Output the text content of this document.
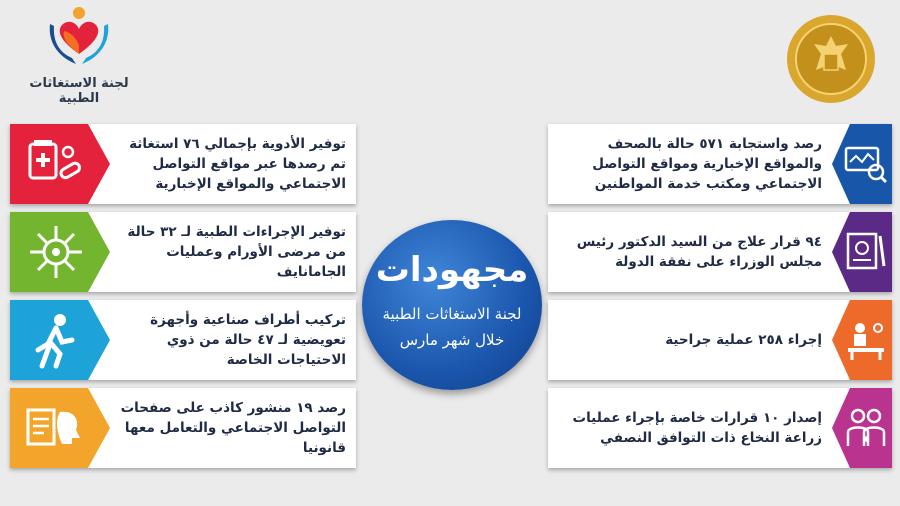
لجنة الاستغاثات الطبية
توفير الأدوية بإجمالي ٧٦ استغاثة تم رصدها عبر مواقع التواصل الاجتماعي والمواقع الإخبارية
توفير الإجراءات الطبية لـ ٣٢ حالة من مرضى الأورام وعمليات الجامانايف
تركيب أطراف صناعية وأجهزة تعويضية لـ ٤٧ حالة من ذوي الاحتياجات الخاصة
رصد ١٩ منشور كاذب على صفحات التواصل الاجتماعي والتعامل معها قانونيا
رصد واستجابة ٥٧١ حالة بالصحف والمواقع الإخبارية ومواقع التواصل الاجتماعي ومكتب خدمة المواطنين
٩٤ قرار علاج من السيد الدكتور رئيس مجلس الوزراء على نفقة الدولة
إجراء ٢٥٨ عملية جراحية
إصدار ١٠ قرارات خاصة بإجراء عمليات زراعة النخاع ذات التوافق النصفي
مجهودات
لجنة الاستغاثات الطبية
خلال شهر مارس
